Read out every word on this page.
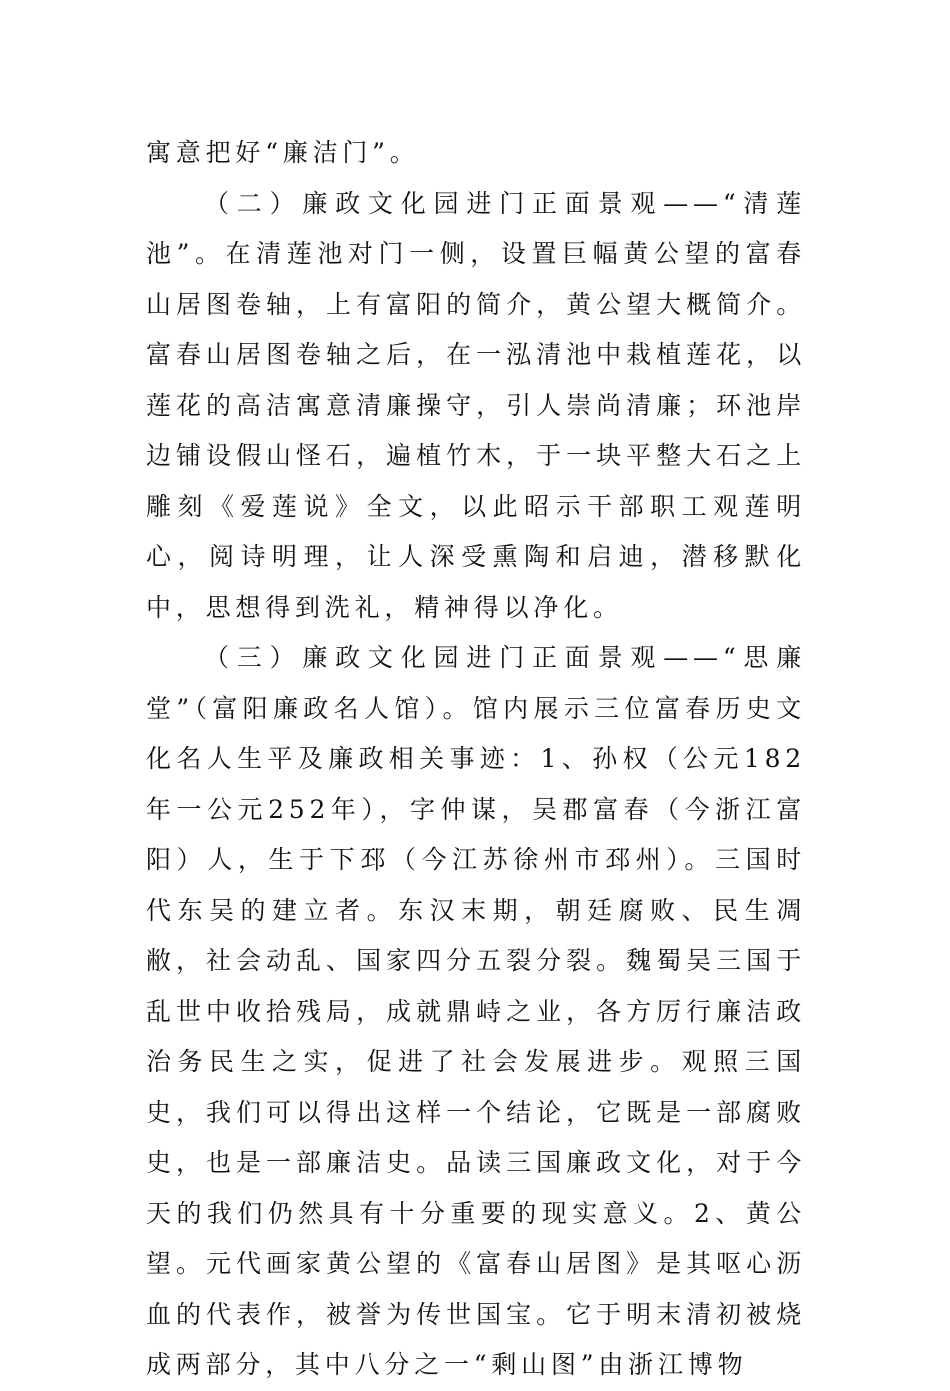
寓意把好“廉洁门”。

（二）廉政文化园进门正面景观——“清莲池”。在清莲池对门一侧，设置巨幅黄公望的富春山居图卷轴，上有富阳的简介，黄公望大概简介。富春山居图卷轴之后，在一泓清池中栽植莲花，以莲花的高洁寓意清廉操守，引人崇尚清廉；环池岸边铺设假山怪石，遍植竹木，于一块平整大石之上雕刻《爱莲说》全文，以此昭示干部职工观莲明心，阅诗明理，让人深受熏陶和启迪，潜移默化中，思想得到洗礼，精神得以净化。

（三）廉政文化园进门正面景观——“思廉堂”（富阳廉政名人馆）。馆内展示三位富春历史文化名人生平及廉政相关事迹：1、孙权（公元182年一公元252年），字仲谋，吴郡富春（今浙江富阳）人，生于下邳（今江苏徐州市邳州）。三国时代东吴的建立者。东汉末期，朝廷腐败、民生凋敝，社会动乱、国家四分五裂分裂。魏蜀吴三国于乱世中收拾残局，成就鼎峙之业，各方厉行廉洁政治务民生之实，促进了社会发展进步。观照三国史，我们可以得出这样一个结论，它既是一部腐败史，也是一部廉洁史。品读三国廉政文化，对于今天的我们仍然具有十分重要的现实意义。2、黄公望。元代画家黄公望的《富春山居图》是其呕心沥血的代表作，被誉为传世国宝。它于明末清初被烧成两部分，其中八分之一“剩山图”由浙江博物
